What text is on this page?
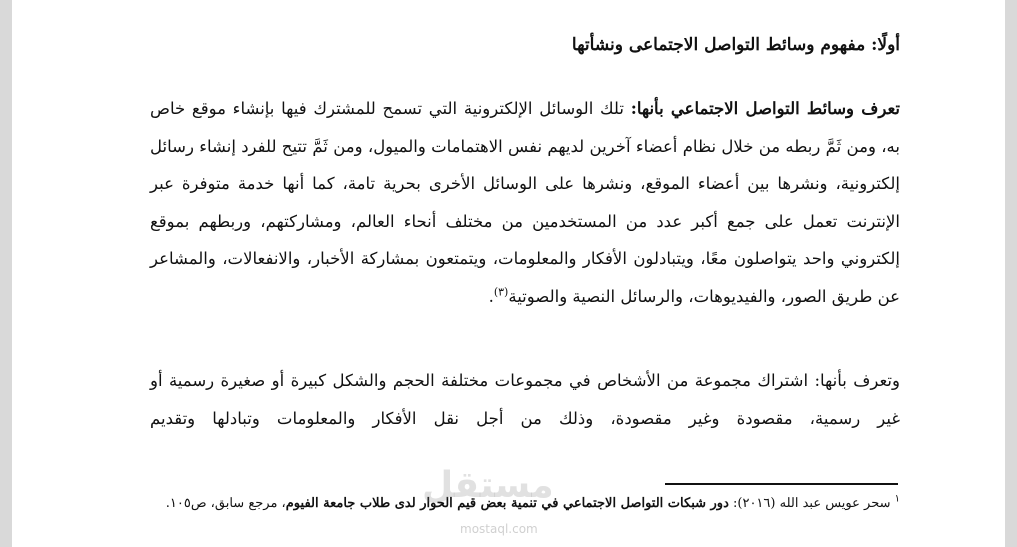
أولًا: مفهوم وسائط التواصل الاجتماعى ونشأتها
تعرف وسائط التواصل الاجتماعي بأنها: تلك الوسائل الإلكترونية التي تسمح للمشترك فيها بإنشاء موقع خاص به، ومن ثَمَّ ربطه من خلال نظام أعضاء آخرين لديهم نفس الاهتمامات والميول، ومن ثَمَّ تتيح للفرد إنشاء رسائل إلكترونية، ونشرها بين أعضاء الموقع، ونشرها على الوسائل الأخرى بحرية تامة، كما أنها خدمة متوفرة عبر الإنترنت تعمل على جمع أكبر عدد من المستخدمين من مختلف أنحاء العالم، ومشاركتهم، وربطهم بموقع إلكتروني واحد يتواصلون معًا، ويتبادلون الأفكار والمعلومات، ويتمتعون بمشاركة الأخبار، والانفعالات، والمشاعر عن طريق الصور، والفيديوهات، والرسائل النصية والصوتية$^{(٣)}$.
وتعرف بأنها: اشتراك مجموعة من الأشخاص في مجموعات مختلفة الحجم والشكل كبيرة أو صغيرة رسمية أو غير رسمية، مقصودة وغير مقصودة، وذلك من أجل نقل الأفكار والمعلومات وتبادلها وتقديم
$^١$ سحر عويس عبد الله (٢٠١٦): دور شبكات التواصل الاجتماعي في تنمية بعض قيم الحوار لدى طلاب جامعة الفيوم، مرجع سابق، ص١٠٥.	مستقل
mostaql.com
